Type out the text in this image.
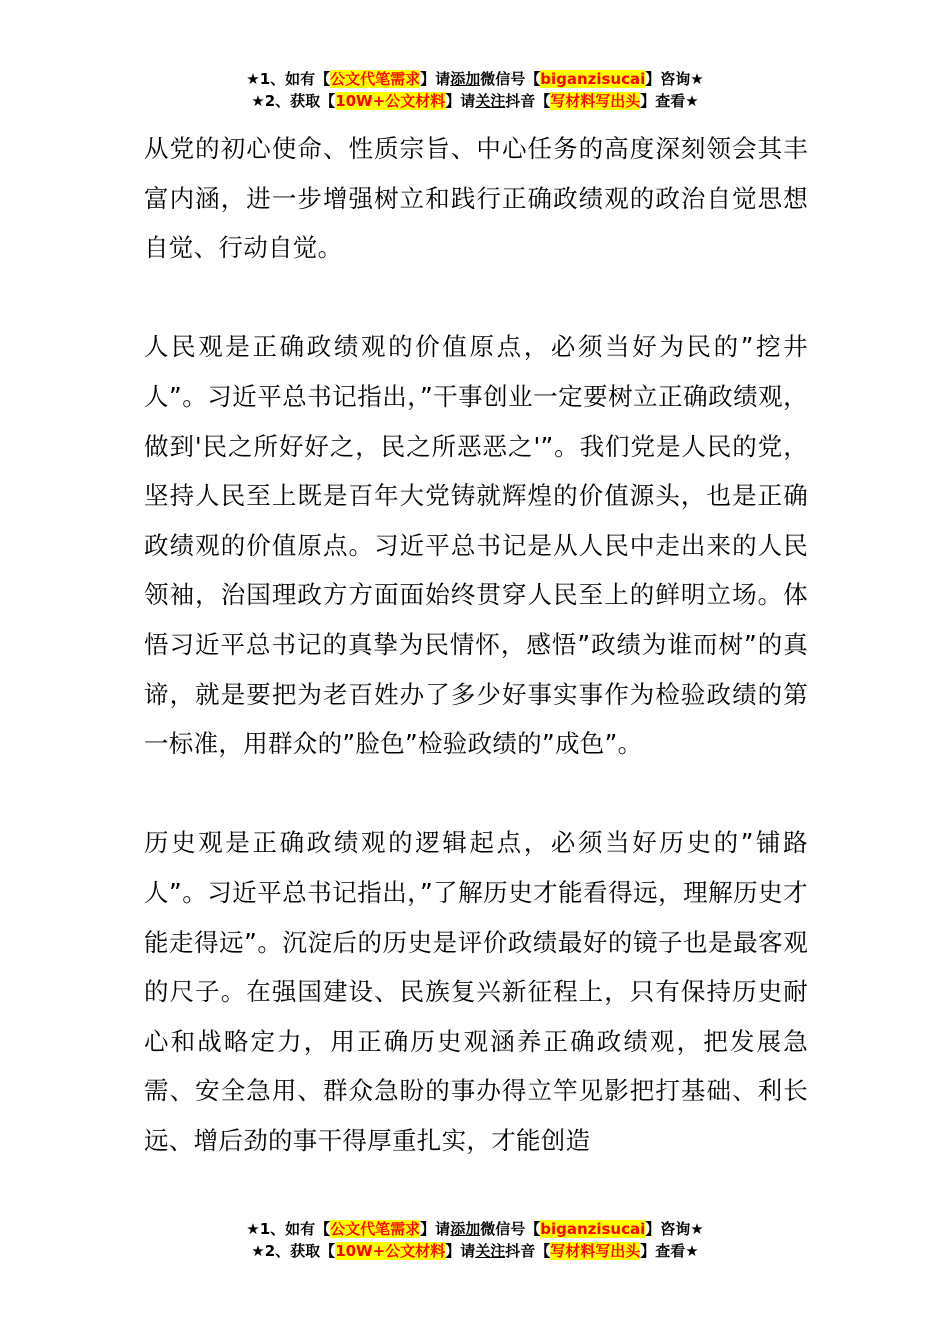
★1、如有【公文代笔需求】请添加微信号【biganzisucai】咨询★
★2、获取【10W+公文材料】请关注抖音【写材料写出头】查看★

从党的初心使命、性质宗旨、中心任务的高度深刻领会其丰富内涵，进一步增强树立和践行正确政绩观的政治自觉思想自觉、行动自觉。

人民观是正确政绩观的价值原点，必须当好为民的”挖井人”。习近平总书记指出，”干事创业一定要树立正确政绩观，做到'民之所好好之，民之所恶恶之'”。我们党是人民的党，坚持人民至上既是百年大党铸就辉煌的价值源头，也是正确政绩观的价值原点。习近平总书记是从人民中走出来的人民领袖，治国理政方方面面始终贯穿人民至上的鲜明立场。体悟习近平总书记的真挚为民情怀，感悟”政绩为谁而树”的真谛，就是要把为老百姓办了多少好事实事作为检验政绩的第一标准，用群众的”脸色”检验政绩的”成色”。

历史观是正确政绩观的逻辑起点，必须当好历史的”铺路人”。习近平总书记指出，”了解历史才能看得远，理解历史才能走得远”。沉淀后的历史是评价政绩最好的镜子也是最客观的尺子。在强国建设、民族复兴新征程上，只有保持历史耐心和战略定力，用正确历史观涵养正确政绩观，把发展急需、安全急用、群众急盼的事办得立竿见影把打基础、利长远、增后劲的事干得厚重扎实，才能创造

★1、如有【公文代笔需求】请添加微信号【biganzisucai】咨询★
★2、获取【10W+公文材料】请关注抖音【写材料写出头】查看★
